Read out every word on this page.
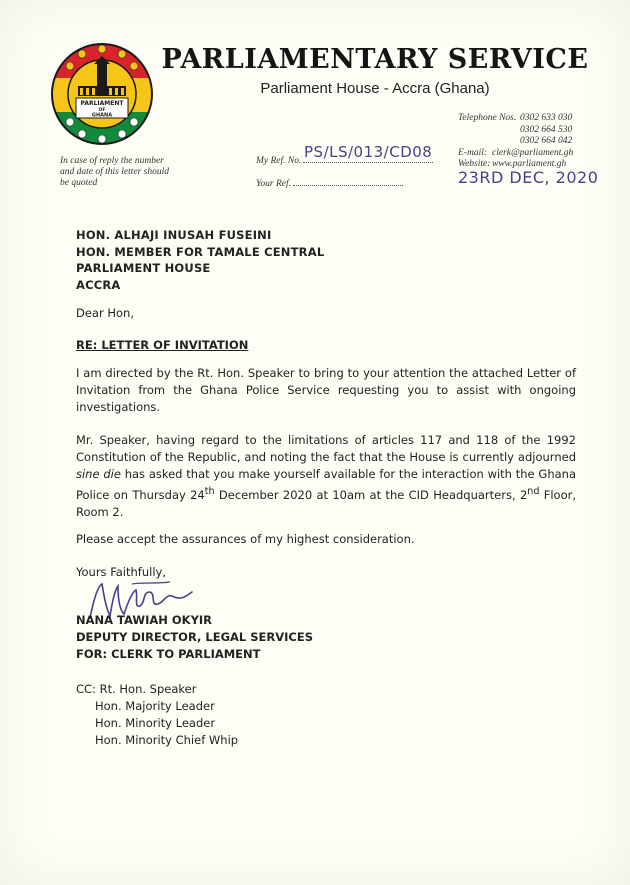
PARLIAMENT
OF
GHANA
PARLIAMENTARY SERVICE
Parliament House - Accra (Ghana)
Telephone Nos. 0302 633 030
0302 664 530
0302 664 042
E-mail: clerk@parliament.gh
Website: www.parliament.gh
In case of reply the number and date of this letter should be quoted
My Ref. No. PS/LS/013/CD08
Your Ref.	23RD DEC, 2020
HON. ALHAJI INUSAH FUSEINI
HON. MEMBER FOR TAMALE CENTRAL
PARLIAMENT HOUSE
ACCRA
Dear Hon,
RE: LETTER OF INVITATION
I am directed by the Rt. Hon. Speaker to bring to your attention the attached Letter of Invitation from the Ghana Police Service requesting you to assist with ongoing investigations.
Mr. Speaker, having regard to the limitations of articles 117 and 118 of the 1992 Constitution of the Republic, and noting the fact that the House is currently adjourned sine die has asked that you make yourself available for the interaction with the Ghana Police on Thursday 24th December 2020 at 10am at the CID Headquarters, 2nd Floor, Room 2.
Please accept the assurances of my highest consideration.
Yours Faithfully,
NANA TAWIAH OKYIR
DEPUTY DIRECTOR, LEGAL SERVICES
FOR: CLERK TO PARLIAMENT
CC: Rt. Hon. Speaker
Hon. Majority Leader
Hon. Minority Leader
Hon. Minority Chief Whip
